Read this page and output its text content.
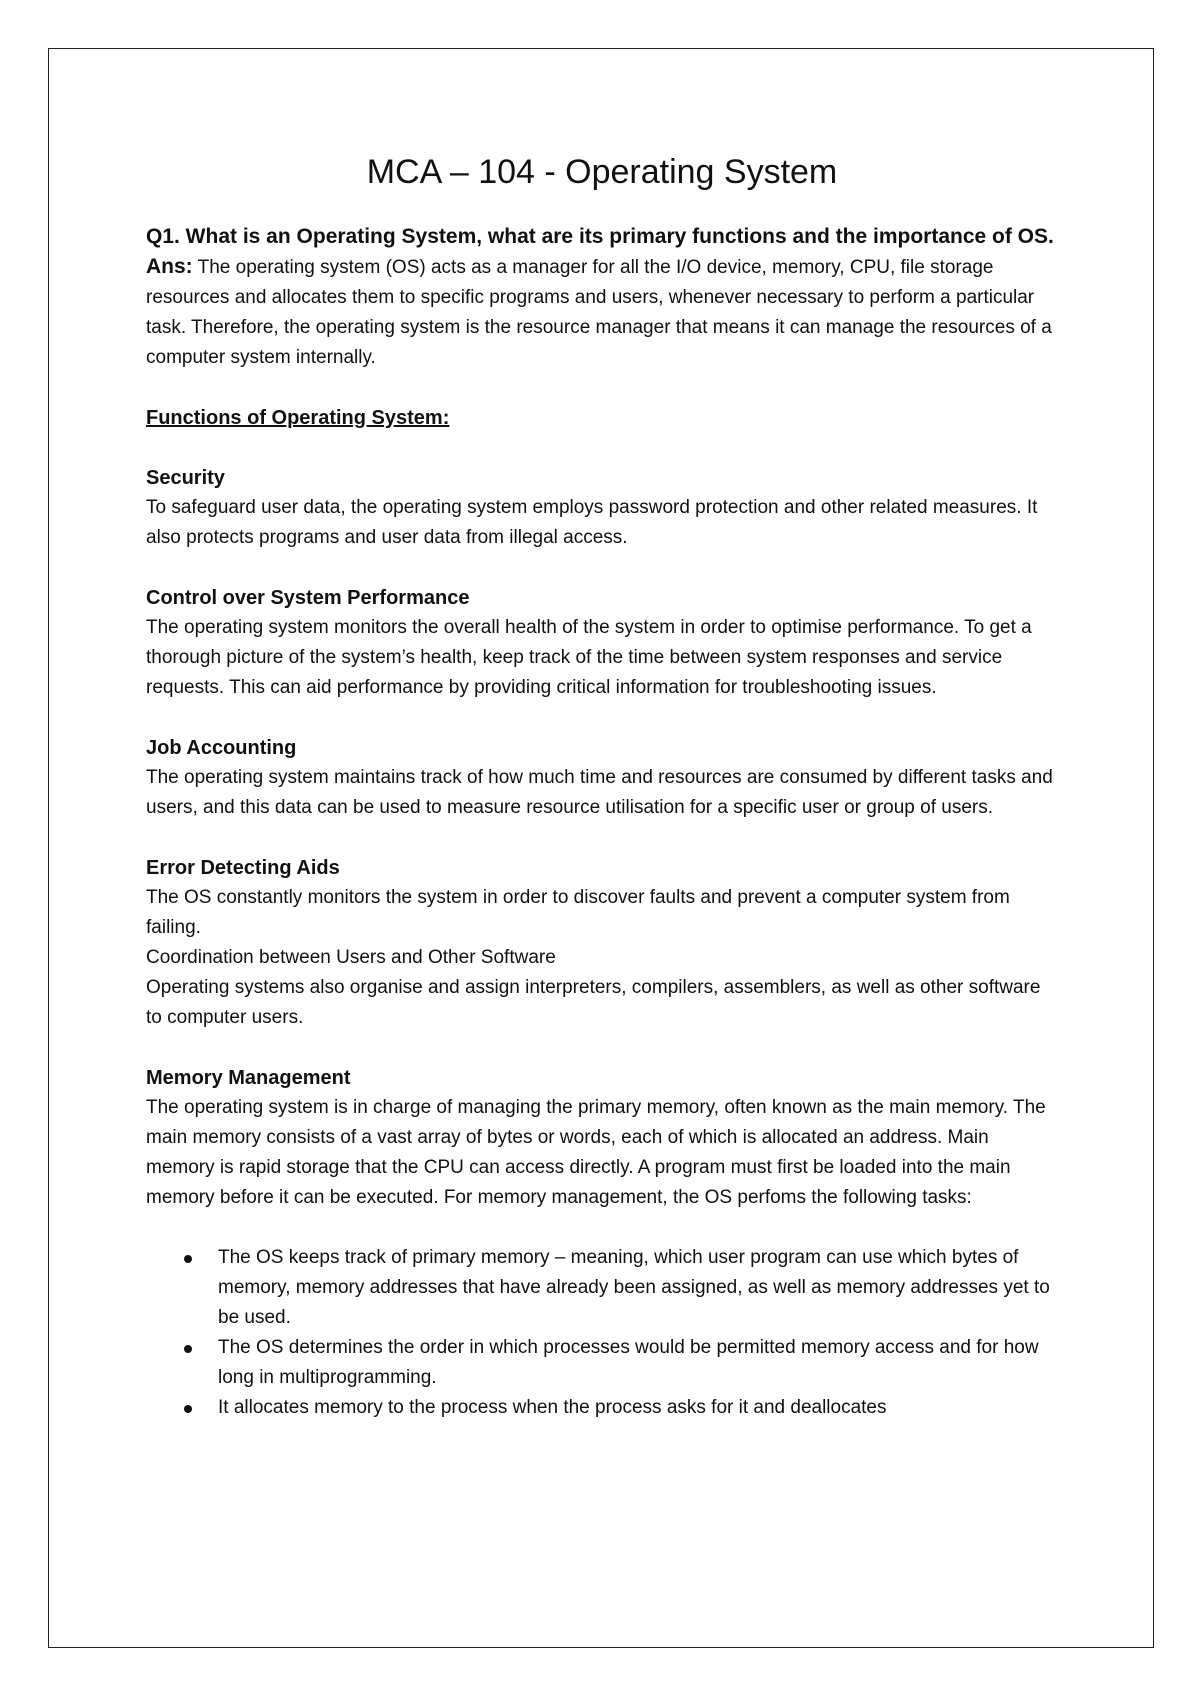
MCA – 104 - Operating System

Q1. What is an Operating System, what are its primary functions and the importance of OS.

Ans: The operating system (OS) acts as a manager for all the I/O device, memory, CPU, file storage resources and allocates them to specific programs and users, whenever necessary to perform a particular task. Therefore, the operating system is the resource manager that means it can manage the resources of a computer system internally.

Functions of Operating System:

Security

To safeguard user data, the operating system employs password protection and other related measures. It also protects programs and user data from illegal access.

Control over System Performance

The operating system monitors the overall health of the system in order to optimise performance. To get a thorough picture of the system’s health, keep track of the time between system responses and service requests. This can aid performance by providing critical information for troubleshooting issues.

Job Accounting

The operating system maintains track of how much time and resources are consumed by different tasks and users, and this data can be used to measure resource utilisation for a specific user or group of users.

Error Detecting Aids

The OS constantly monitors the system in order to discover faults and prevent a computer system from failing.

Coordination between Users and Other Software

Operating systems also organise and assign interpreters, compilers, assemblers, as well as other software to computer users.

Memory Management

The operating system is in charge of managing the primary memory, often known as the main memory. The main memory consists of a vast array of bytes or words, each of which is allocated an address. Main memory is rapid storage that the CPU can access directly. A program must first be loaded into the main memory before it can be executed. For memory management, the OS perfoms the following tasks:

The OS keeps track of primary memory – meaning, which user program can use which bytes of memory, memory addresses that have already been assigned, as well as memory addresses yet to be used.
The OS determines the order in which processes would be permitted memory access and for how long in multiprogramming.
It allocates memory to the process when the process asks for it and deallocates
